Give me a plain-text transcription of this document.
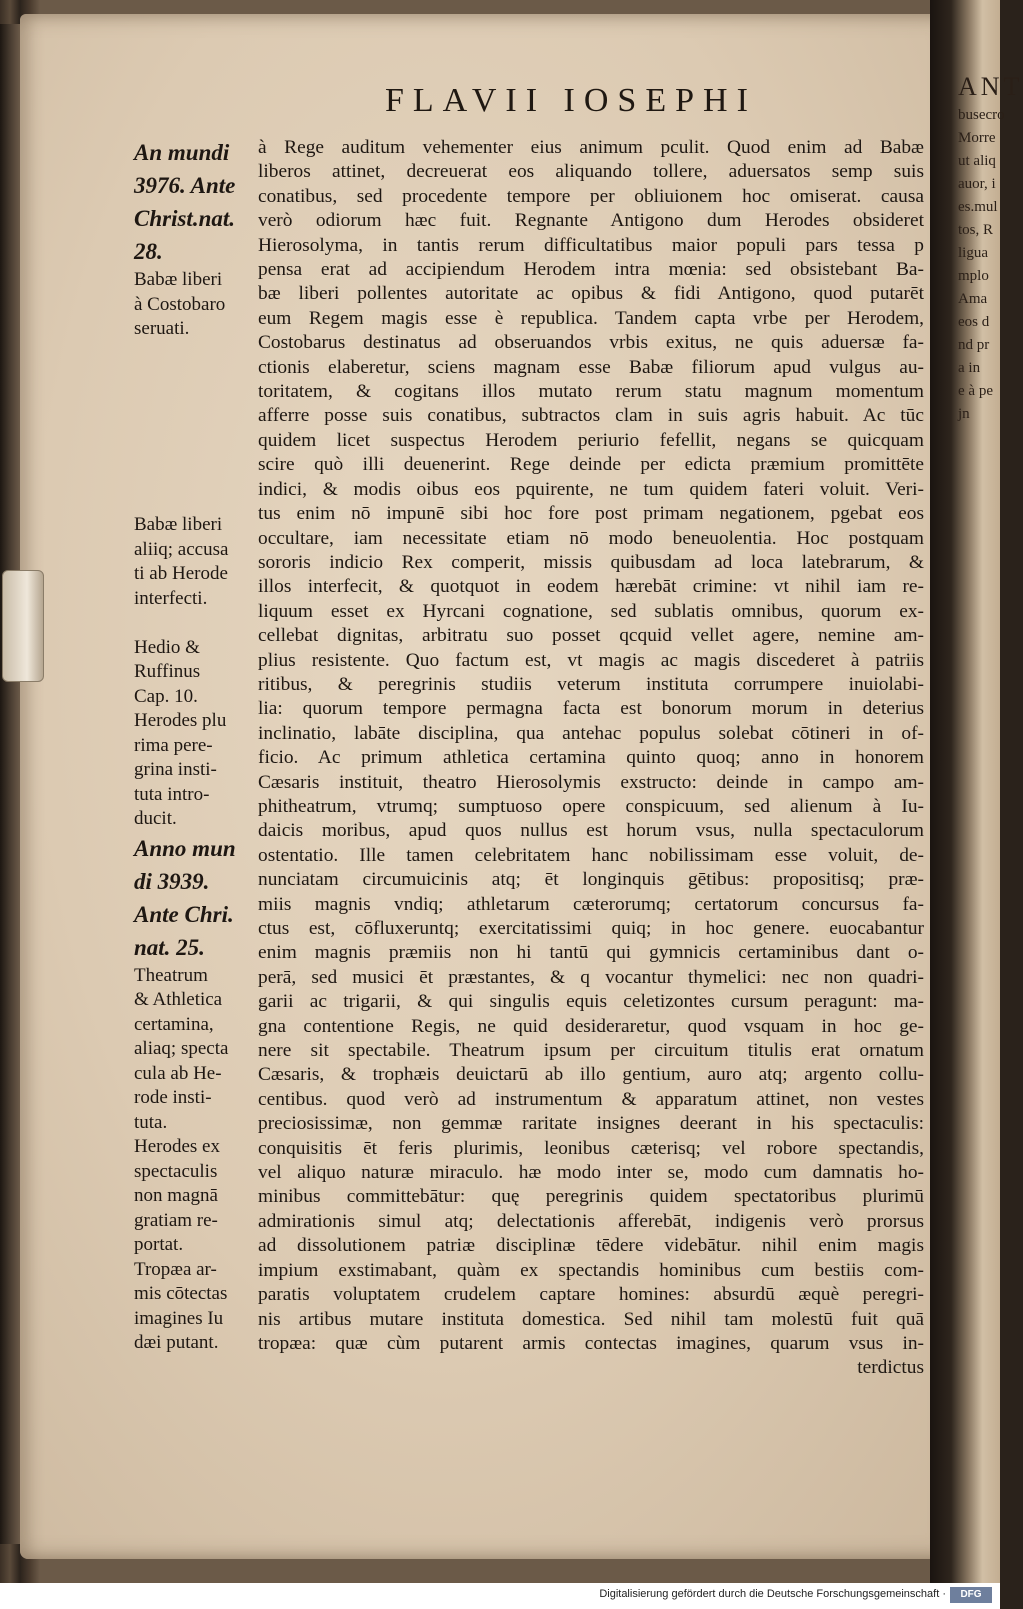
ANT
busecro
Morre
ut aliq
auor, i
es.mul
tos, R
ligua
mplo
Ama
eos d
nd pr
a in
e à pe
jn
FLAVII IOSEPHI
An mundi
3976. Ante
Christ.nat.
28.
Babæ liberi
à Costobaro
seruati.

Babæ liberi
aliiq; accusa
ti ab Herode
interfecti.

Hedio &
Ruffinus
Cap. 10.
Herodes plu
rima pere-
grina insti-
tuta intro-
ducit.
Anno mun
di 3939.
Ante Chri.
nat. 25.
Theatrum
& Athletica
certamina,
aliaq; specta
cula ab He-
rode insti-
tuta.
Herodes ex
spectaculis
non magnā
gratiam re-
portat.
Tropæa ar-
mis cōtectas
imagines Iu
dæi putant.
à Rege auditum vehementer eius animum pculit. Quod enim ad Babæ
liberos attinet, decreuerat eos aliquando tollere, aduersatos semp suis
conatibus, sed procedente tempore per obliuionem hoc omiserat. causa
verò odiorum hæc fuit. Regnante Antigono dum Herodes obsideret
Hierosolyma, in tantis rerum difficultatibus maior populi pars tessa p
pensa erat ad accipiendum Herodem intra mœnia: sed obsistebant Ba-
bæ liberi pollentes autoritate ac opibus & fidi Antigono, quod putarēt
eum Regem magis esse è republica. Tandem capta vrbe per Herodem,
Costobarus destinatus ad obseruandos vrbis exitus, ne quis aduersæ fa-
ctionis elaberetur, sciens magnam esse Babæ filiorum apud vulgus au-
toritatem, & cogitans illos mutato rerum statu magnum momentum
afferre posse suis conatibus, subtractos clam in suis agris habuit. Ac tūc
quidem licet suspectus Herodem periurio fefellit, negans se quicquam
scire quò illi deuenerint. Rege deinde per edicta præmium promittēte
indici, & modis oibus eos pquirente, ne tum quidem fateri voluit. Veri-
tus enim nō impunē sibi hoc fore post primam negationem, pgebat eos
occultare, iam necessitate etiam nō modo beneuolentia. Hoc postquam
sororis indicio Rex comperit, missis quibusdam ad loca latebrarum, &
illos interfecit, & quotquot in eodem hærebāt crimine: vt nihil iam re-
liquum esset ex Hyrcani cognatione, sed sublatis omnibus, quorum ex-
cellebat dignitas, arbitratu suo posset qcquid vellet agere, nemine am-
plius resistente. Quo factum est, vt magis ac magis discederet à patriis
ritibus, & peregrinis studiis veterum instituta corrumpere inuiolabi-
lia: quorum tempore permagna facta est bonorum morum in deterius
inclinatio, labāte disciplina, qua antehac populus solebat cōtineri in of-
ficio. Ac primum athletica certamina quinto quoq; anno in honorem
Cæsaris instituit, theatro Hierosolymis exstructo: deinde in campo am-
phitheatrum, vtrumq; sumptuoso opere conspicuum, sed alienum à Iu-
daicis moribus, apud quos nullus est horum vsus, nulla spectaculorum
ostentatio. Ille tamen celebritatem hanc nobilissimam esse voluit, de-
nunciatam circumuicinis atq; ēt longinquis gētibus: propositisq; præ-
miis magnis vndiq; athletarum cæterorumq; certatorum concursus fa-
ctus est, cōfluxeruntq; exercitatissimi quiq; in hoc genere. euocabantur
enim magnis præmiis non hi tantū qui gymnicis certaminibus dant o-
perā, sed musici ēt præstantes, & q vocantur thymelici: nec non quadri-
garii ac trigarii, & qui singulis equis celetizontes cursum peragunt: ma-
gna contentione Regis, ne quid desideraretur, quod vsquam in hoc ge-
nere sit spectabile. Theatrum ipsum per circuitum titulis erat ornatum
Cæsaris, & trophæis deuictarū ab illo gentium, auro atq; argento collu-
centibus. quod verò ad instrumentum & apparatum attinet, non vestes
preciosissimæ, non gemmæ raritate insignes deerant in his spectaculis:
conquisitis ēt feris plurimis, leonibus cæterisq; vel robore spectandis,
vel aliquo naturæ miraculo. hæ modo inter se, modo cum damnatis ho-
minibus committebātur: quę peregrinis quidem spectatoribus plurimū
admirationis simul atq; delectationis afferebāt, indigenis verò prorsus
ad dissolutionem patriæ disciplinæ tēdere videbātur. nihil enim magis
impium exstimabant, quàm ex spectandis hominibus cum bestiis com-
paratis voluptatem crudelem captare homines: absurdū æquè peregri-
nis artibus mutare instituta domestica. Sed nihil tam molestū fuit quā
tropæa: quæ cùm putarent armis contectas imagines, quarum vsus in-
terdictus
Digitalisierung gefördert durch die Deutsche Forschungsgemeinschaft ·	DFG
